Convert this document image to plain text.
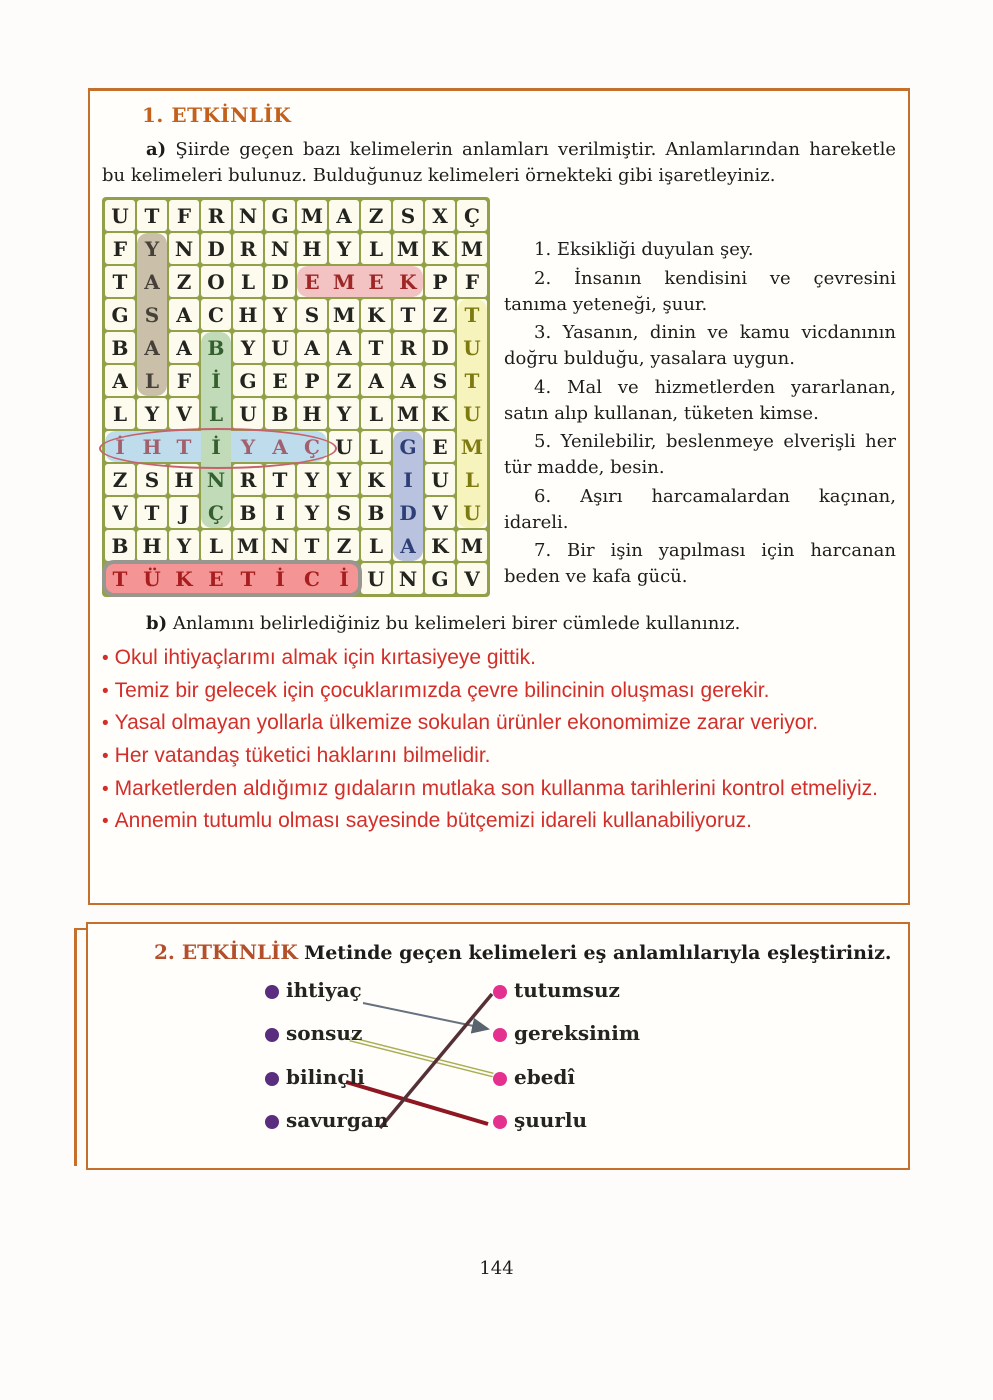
1. ETKİNLİK

a) Şiirde geçen bazı kelimelerin anlamları verilmiştir. Anlamlarından hareketle bu kelimeleri bulunuz. Bulduğunuz kelimeleri örnekteki gibi işaretleyiniz.

U T F R N G M A Z S X Ç
F Y N D R N H Y L M K M
T A Z O L D E M E K P F
G S A C H Y S M K T Z T
B A A B Y U A A T R D U
A L F İ G E P Z A A S T
L Y V L U B H Y L M K U
İ H T İ Y A Ç U L G E M
Z S H N R T Y Y K I U L
V T J Ç B I Y S B D V U
B H Y L M N T Z L A K M
T Ü K E T İ C İ U N G V

1. Eksikliği duyulan şey.

2. İnsanın kendisini ve çevresini tanıma yeteneği, şuur.

3. Yasanın, dinin ve kamu vicdanının doğru bulduğu, yasalara uygun.

4. Mal ve hizmetlerden yararlanan, satın alıp kullanan, tüketen kimse.

5. Yenilebilir, beslenmeye elverişli her tür madde, besin.

6. Aşırı harcamalardan kaçınan, idareli.

7. Bir işin yapılması için harcanan beden ve kafa gücü.

b) Anlamını belirlediğiniz bu kelimeleri birer cümlede kullanınız.

• Okul ihtiyaçlarımı almak için kırtasiyeye gittik.

• Temiz bir gelecek için çocuklarımızda çevre bilincinin oluşması gerekir.

• Yasal olmayan yollarla ülkemize sokulan ürünler ekonomimize zarar veriyor.

• Her vatandaş tüketici haklarını bilmelidir.

• Marketlerden aldığımız gıdaların mutlaka son kullanma tarihlerini kontrol etmeliyiz.

• Annemin tutumlu olması sayesinde bütçemizi idareli kullanabiliyoruz.

2. ETKİNLİK Metinde geçen kelimeleri eş anlamlılarıyla eşleştiriniz.

ihtiyaç
sonsuz
bilinçli
savurgan
tutumsuz
gereksinim
ebedî
şuurlu
144
